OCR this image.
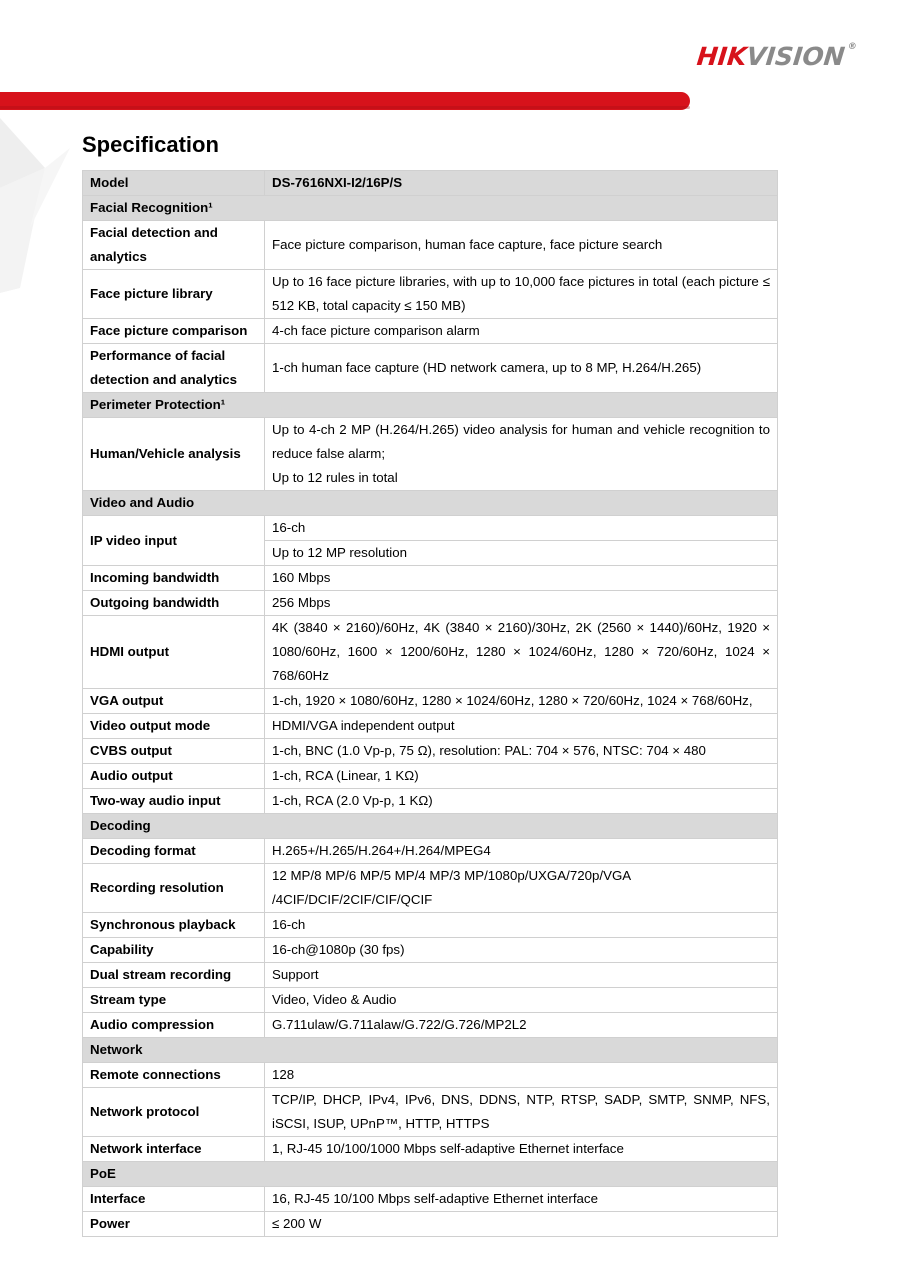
HIKVISION®
Specification
Model	DS-7616NXI-I2/16P/S
Facial Recognition¹	
Facial detection and analytics	Face picture comparison, human face capture, face picture search

Face picture library	Up to 16 face picture libraries, with up to 10,000 face pictures in total (each picture ≤ 512 KB, total capacity ≤ 150 MB)

Face picture comparison	4-ch face picture comparison alarm

Performance of facial detection and analytics	1-ch human face capture (HD network camera, up to 8 MP, H.264/H.265)

Perimeter Protection¹	
Human/Vehicle analysis	Up to 4-ch 2 MP (H.264/H.265) video analysis for human and vehicle recognition to reduce false alarm;
Up to 12 rules in total

Video and Audio	
IP video input	16-ch
	Up to 12 MP resolution
Incoming bandwidth	160 Mbps

Outgoing bandwidth	256 Mbps

HDMI output	4K (3840 × 2160)/60Hz, 4K (3840 × 2160)/30Hz, 2K (2560 × 1440)/60Hz, 1920 × 1080/60Hz, 1600 × 1200/60Hz, 1280 × 1024/60Hz, 1280 × 720/60Hz, 1024 × 768/60Hz

VGA output	1-ch, 1920 × 1080/60Hz, 1280 × 1024/60Hz, 1280 × 720/60Hz, 1024 × 768/60Hz,

Video output mode	HDMI/VGA independent output

CVBS output	1-ch, BNC (1.0 Vp-p, 75 Ω), resolution: PAL: 704 × 576, NTSC: 704 × 480

Audio output	1-ch, RCA (Linear, 1 KΩ)

Two-way audio input	1-ch, RCA (2.0 Vp-p, 1 KΩ)

Decoding	
Decoding format	H.265+/H.265/H.264+/H.264/MPEG4

Recording resolution	12 MP/8 MP/6 MP/5 MP/4 MP/3 MP/1080p/UXGA/720p/VGA
/4CIF/DCIF/2CIF/CIF/QCIF

Synchronous playback	16-ch

Capability	16-ch@1080p (30 fps)

Dual stream recording	Support

Stream type	Video, Video & Audio

Audio compression	G.711ulaw/G.711alaw/G.722/G.726/MP2L2

Network	
Remote connections	128

Network protocol	TCP/IP, DHCP, IPv4, IPv6, DNS, DDNS, NTP, RTSP, SADP, SMTP, SNMP, NFS, iSCSI, ISUP, UPnP™, HTTP, HTTPS

Network interface	1, RJ-45 10/100/1000 Mbps self-adaptive Ethernet interface

PoE	
Interface	16, RJ-45 10/100 Mbps self-adaptive Ethernet interface

Power	≤ 200 W
